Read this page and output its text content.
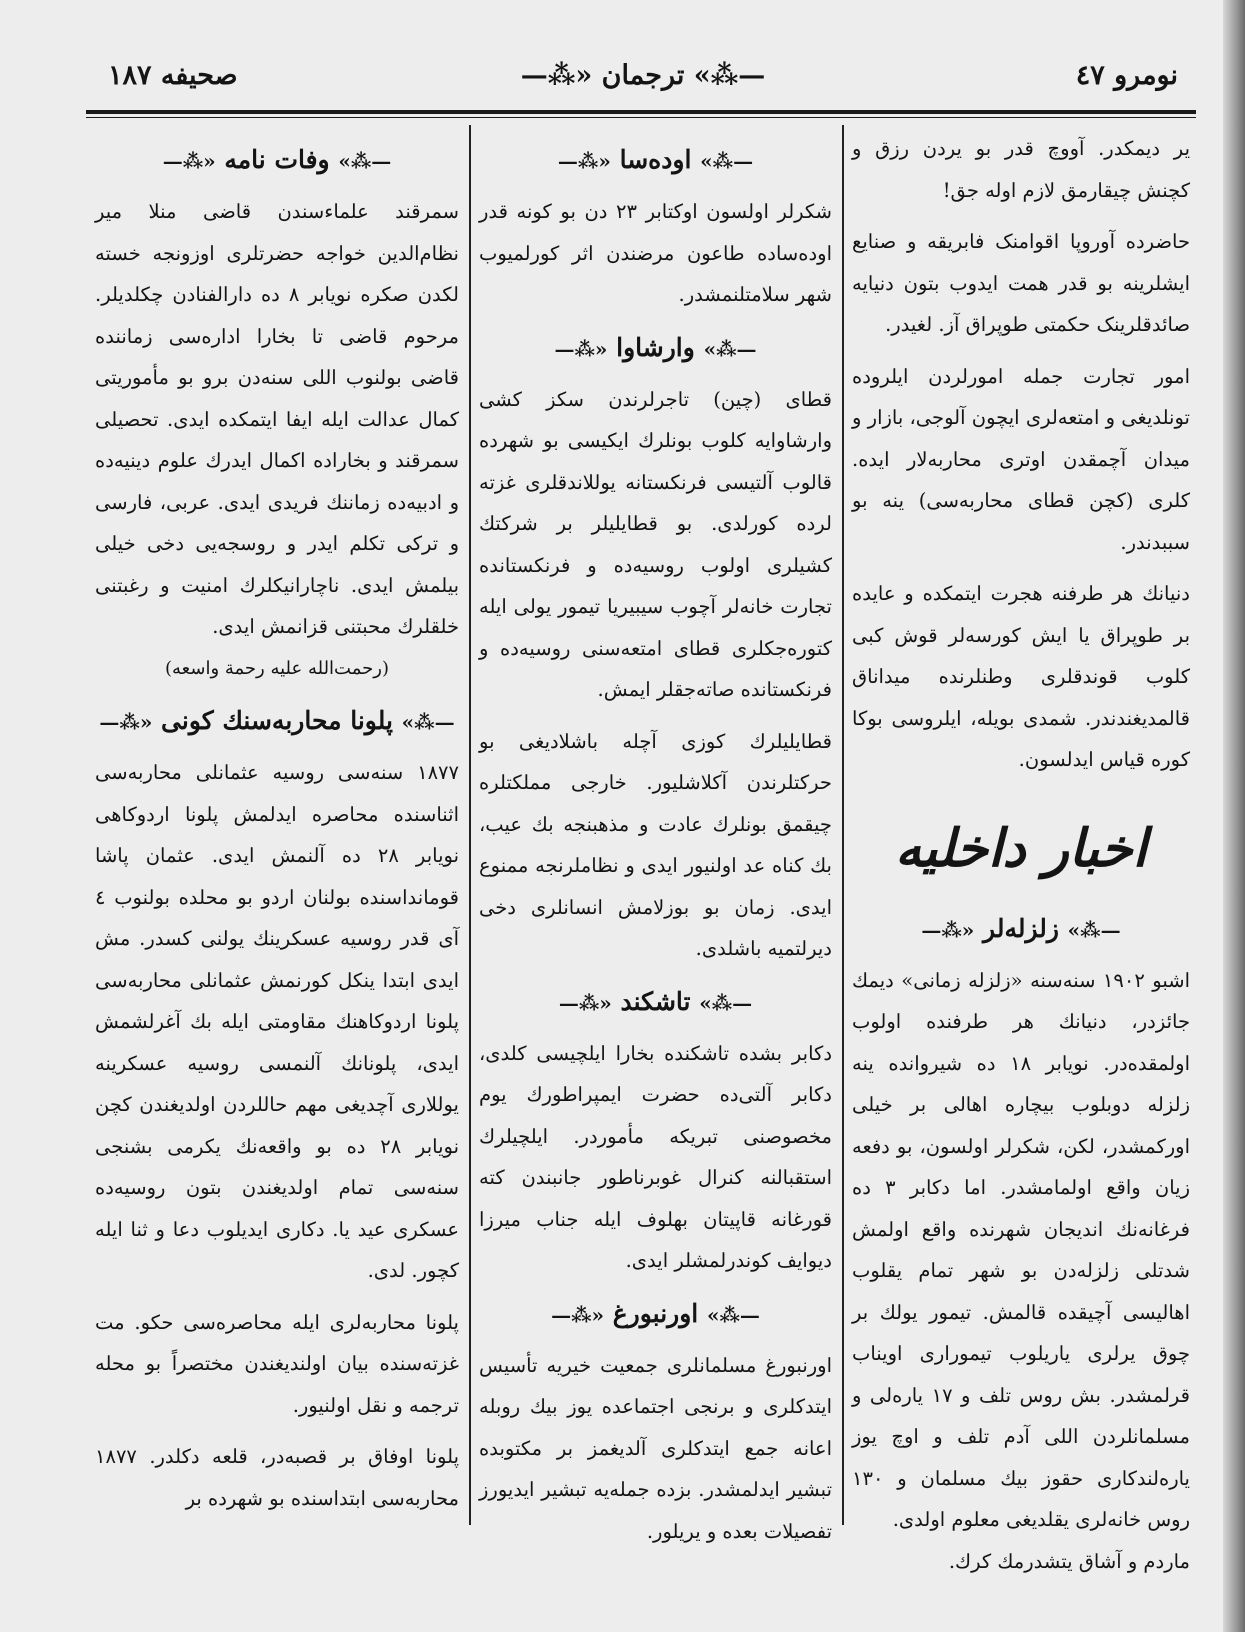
نومرو ٤٧
—⁂» ترجمان «⁂—
صحیفه ١٨٧

یر دیمکدر. آووچ قدر بو یردن رزق و کچنش چیقارمق لازم اوله جق!

حاضرده آوروپا اقوامنک فابریقه و صنایع ایشلرینه بو قدر همت ایدوب بتون دنیایه صائدقلرینک حکمتی طوپراق آز. لغیدر.

امور تجارت جمله امورلردن ایلروده تونلدیغی و امتعه‌لری ایچون آلوجی، بازار و میدان آچمقدن اوتری محاربه‌لار ایده. کلری (کچن قطای محاربه‌سی) ینه بو سببدندر.

دنیانك هر طرفنه هجرت ایتمکده و عایده بر طوپراق یا ایش کورسه‌لر قوش کبی کلوب قوندقلری وطنلرنده میداناق قالمدیغندندر. شمدی بویله، ایلروسی بوکا کوره قیاس ایدلسون.

اخبار داخلیه
—⁂» زلزله‌لر «⁂—

اشبو ١٩٠٢ سنه‌سنه «زلزله زمانی» دیمك جائزدر، دنیانك هر طرفنده اولوب اولمقده‌در. نویابر ١٨ ده شیروانده ینه زلزله دوبلوب بیچاره اهالی بر خیلی اورکمشدر، لکن، شکرلر اولسون، بو دفعه زیان واقع اولمامشدر. اما دکابر ٣ ده فرغانه‌نك اندیجان شهرنده واقع اولمش شدتلی زلزله‌دن بو شهر تمام یقلوب اهالیسی آچیقده قالمش. تیمور یولك بر چوق یرلری یاریلوب تیموراری اویناب قرلمشدر. بش روس تلف و ١٧ یاره‌لی و مسلمانلردن اللی آدم تلف و اوچ یوز یاره‌لندکاری حقوز بیك مسلمان و ١٣٠ روس خانه‌لری یقلدیغی معلوم اولدی.

ماردم و آشاق یتشدرمك کرك.

—⁂» اوده‌سا «⁂—

شکرلر اولسون اوکتابر ٢٣ دن بو کونه قدر اوده‌ساده طاعون مرضندن اثر کورلمیوب شهر سلامتلنمشدر.

—⁂» وارشاوا «⁂—

قطای (چین) تاجرلرندن سکز کشی وارشاوایه کلوب بونلرك ایکیسی بو شهرده قالوب آلتیسی فرنکستانه یوللاندقلری غزته لرده کورلدی. بو قطایلیلر بر شرکتك کشیلری اولوب روسیه‌ده و فرنکستانده تجارت خانه‌لر آچوب سیبیریا تیمور یولی ایله کتوره‌جکلری قطای امتعه‌سنی روسیه‌ده و فرنکستانده صاته‌جقلر ایمش.

قطایلیلرك کوزی آچله باشلادیغی بو حرکتلرندن آکلاشلیور. خارجی مملکتلره چیقمق بونلرك عادت و مذهبنجه بك عیب، بك کناه عد اولنیور ایدی و نظاملرنجه ممنوع ایدی. زمان بو بوزلامش انسانلری دخی دیرلتمیه باشلدی.

—⁂» تاشکند «⁂—

دکابر بشده تاشکنده بخارا ایلچیسی کلدی، دکابر آلتی‌ده حضرت ایمپراطورك یوم مخصوصنی تبریکه مأموردر. ایلچیلرك استقبالنه کنرال غوبرناطور جانبندن کته قورغانه قاپیتان بهلوف ایله جناب میرزا دیوایف کوندرلمشلر ایدی.

—⁂» اورنبورغ «⁂—

اورنبورغ مسلمانلری جمعیت خیریه تأسیس ایتدکلری و برنجی اجتماعده یوز بیك روبله اعانه جمع ایتدکلری آلدیغمز بر مکتوبده تبشیر ایدلمشدر. بزده جمله‌یه تبشیر ایدیورز تفصیلات بعده و یریلور.

—⁂» وفات نامه «⁂—

سمرقند علماء‌سندن قاضی منلا میر نظام‌الدین خواجه حضرتلری اوزونجه خسته لکدن صکره نویابر ٨ ده دارالفنادن چکلدیلر. مرحوم قاضی تا بخارا اداره‌سی زماننده قاضی بولنوب اللی سنه‌دن برو بو مأموریتی کمال عدالت ایله ایفا ایتمکده ایدی. تحصیلی سمرقند و بخاراده اکمال ایدرك علوم دینیه‌ده و ادبیه‌ده زماننك فریدی ایدی. عربی، فارسی و ترکی تکلم ایدر و روسجه‌یی دخی خیلی بیلمش ایدی. ناچارانیکلرك امنیت و رغبتنی خلقلرك محبتنی قزانمش ایدی.

(رحمت‌الله علیه رحمة واسعه)

—⁂» پلونا محاربه‌سنك کونی «⁂—

١٨٧٧ سنه‌سی روسیه عثمانلی محاربه‌سی اثناسنده محاصره ایدلمش پلونا اردوکاهی نویابر ٢٨ ده آلنمش ایدی. عثمان پاشا قوماندا‌سنده بولنان اردو بو محلده بولنوب ٤ آی قدر روسیه عسکرینك یولنی کسدر. مش ایدی ابتدا ینکل کورنمش عثمانلی محاربه‌سی پلونا اردوکاهنك مقاومتی ایله بك آغرلشمش ایدی، پلونانك آلنمسی روسیه عسکرینه یوللاری آچدیغی مهم حاللردن اولدیغندن کچن نویابر ٢٨ ده بو واقعه‌نك یکرمی بشنجی سنه‌سی تمام اولدیغندن بتون روسیه‌ده عسکری عید یا. دکاری ایدیلوب دعا و ثنا ایله کچور. لدی.

پلونا محاربه‌لری ایله محاصره‌سی حکو. مت غزته‌سنده بیان اولندیغندن مختصراً بو محله ترجمه و نقل اولنیور.

پلونا اوفاق بر قصبه‌در، قلعه دکلدر. ١٨٧٧ محاربه‌سی ابتداسنده بو شهرده بر
